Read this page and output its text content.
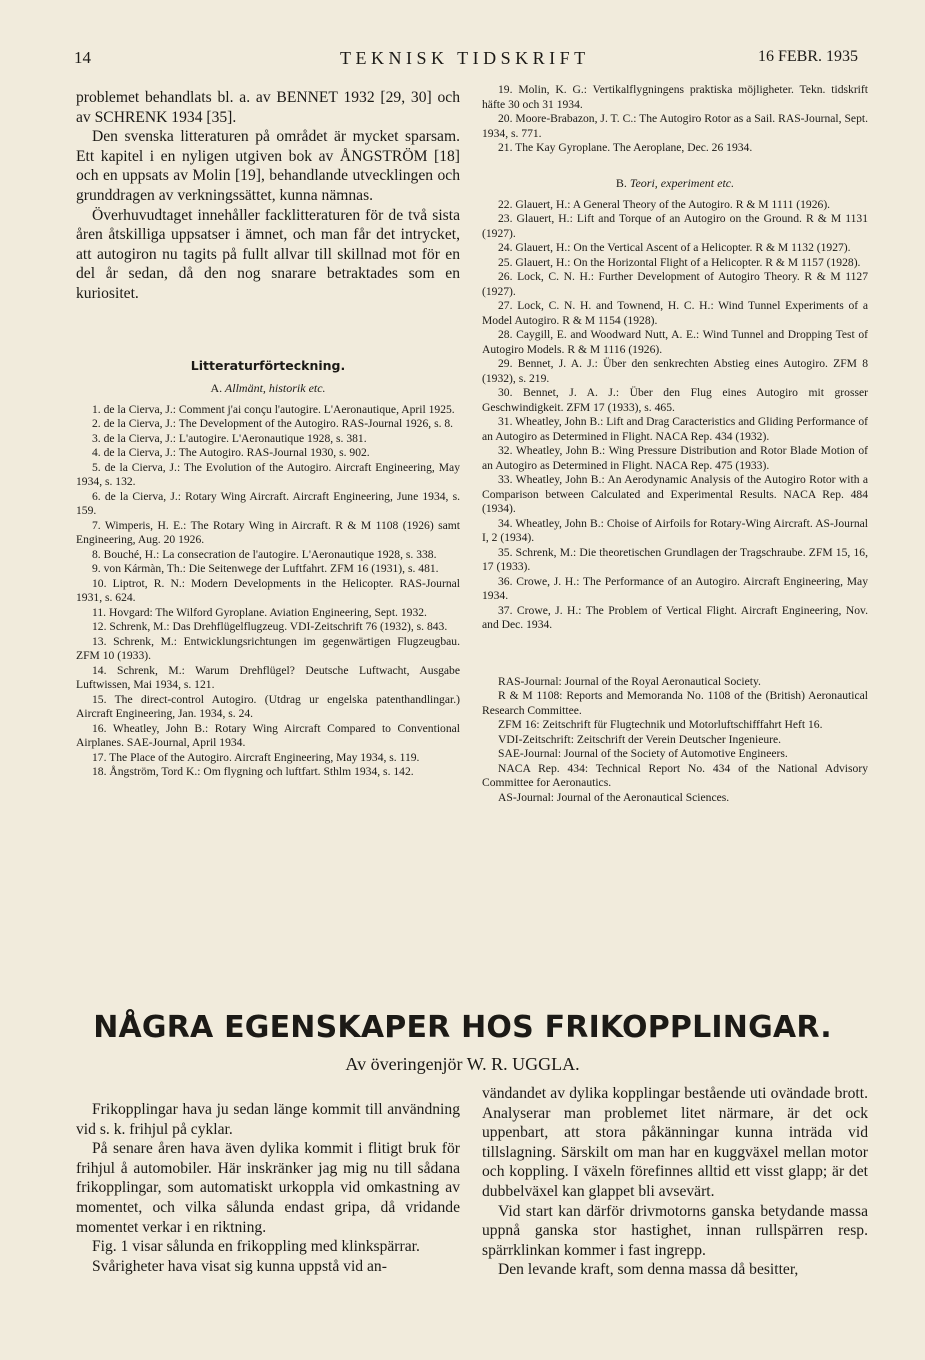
14	TEKNISK TIDSKRIFT	16 FEBR. 1935

problemet behandlats bl. a. av BENNET 1932 [29, 30] och av SCHRENK 1934 [35].

Den svenska litteraturen på området är mycket sparsam. Ett kapitel i en nyligen utgiven bok av ÅNGSTRÖM [18] och en uppsats av Molin [19], behandlande utvecklingen och grunddragen av verkningssättet, kunna nämnas.

Överhuvudtaget innehåller facklitteraturen för de två sista åren åtskilliga uppsatser i ämnet, och man får det intrycket, att autogiron nu tagits på fullt allvar till skillnad mot för en del år sedan, då den nog snarare betraktades som en kuriositet.

Litteraturförteckning.
A. Allmänt, historik etc.

1. de la Cierva, J.: Comment j'ai conçu l'autogire. L'Aeronautique, April 1925.

2. de la Cierva, J.: The Development of the Autogiro. RAS-Journal 1926, s. 8.

3. de la Cierva, J.: L'autogire. L'Aeronautique 1928, s. 381.

4. de la Cierva, J.: The Autogiro. RAS-Journal 1930, s. 902.

5. de la Cierva, J.: The Evolution of the Autogiro. Aircraft Engineering, May 1934, s. 132.

6. de la Cierva, J.: Rotary Wing Aircraft. Aircraft Engineering, June 1934, s. 159.

7. Wimperis, H. E.: The Rotary Wing in Aircraft. R & M 1108 (1926) samt Engineering, Aug. 20 1926.

8. Bouché, H.: La consecration de l'autogire. L'Aeronautique 1928, s. 338.

9. von Kármàn, Th.: Die Seitenwege der Luftfahrt. ZFM 16 (1931), s. 481.

10. Liptrot, R. N.: Modern Developments in the Helicopter. RAS-Journal 1931, s. 624.

11. Hovgard: The Wilford Gyroplane. Aviation Engineering, Sept. 1932.

12. Schrenk, M.: Das Drehflügelflugzeug. VDI-Zeitschrift 76 (1932), s. 843.

13. Schrenk, M.: Entwicklungsrichtungen im gegenwärtigen Flugzeugbau. ZFM 10 (1933).

14. Schrenk, M.: Warum Drehflügel? Deutsche Luftwacht, Ausgabe Luftwissen, Mai 1934, s. 121.

15. The direct-control Autogiro. (Utdrag ur engelska patenthandlingar.) Aircraft Engineering, Jan. 1934, s. 24.

16. Wheatley, John B.: Rotary Wing Aircraft Compared to Conventional Airplanes. SAE-Journal, April 1934.

17. The Place of the Autogiro. Aircraft Engineering, May 1934, s. 119.

18. Ångström, Tord K.: Om flygning och luftfart. Sthlm 1934, s. 142.

19. Molin, K. G.: Vertikalflygningens praktiska möjligheter. Tekn. tidskrift häfte 30 och 31 1934.

20. Moore-Brabazon, J. T. C.: The Autogiro Rotor as a Sail. RAS-Journal, Sept. 1934, s. 771.

21. The Kay Gyroplane. The Aeroplane, Dec. 26 1934.

B. Teori, experiment etc.

22. Glauert, H.: A General Theory of the Autogiro. R & M 1111 (1926).

23. Glauert, H.: Lift and Torque of an Autogiro on the Ground. R & M 1131 (1927).

24. Glauert, H.: On the Vertical Ascent of a Helicopter. R & M 1132 (1927).

25. Glauert, H.: On the Horizontal Flight of a Helicopter. R & M 1157 (1928).

26. Lock, C. N. H.: Further Development of Autogiro Theory. R & M 1127 (1927).

27. Lock, C. N. H. and Townend, H. C. H.: Wind Tunnel Experiments of a Model Autogiro. R & M 1154 (1928).

28. Caygill, E. and Woodward Nutt, A. E.: Wind Tunnel and Dropping Test of Autogiro Models. R & M 1116 (1926).

29. Bennet, J. A. J.: Über den senkrechten Abstieg eines Autogiro. ZFM 8 (1932), s. 219.

30. Bennet, J. A. J.: Über den Flug eines Autogiro mit grosser Geschwindigkeit. ZFM 17 (1933), s. 465.

31. Wheatley, John B.: Lift and Drag Caracteristics and Gliding Performance of an Autogiro as Determined in Flight. NACA Rep. 434 (1932).

32. Wheatley, John B.: Wing Pressure Distribution and Rotor Blade Motion of an Autogiro as Determined in Flight. NACA Rep. 475 (1933).

33. Wheatley, John B.: An Aerodynamic Analysis of the Autogiro Rotor with a Comparison between Calculated and Experimental Results. NACA Rep. 484 (1934).

34. Wheatley, John B.: Choise of Airfoils for Rotary-Wing Aircraft. AS-Journal I, 2 (1934).

35. Schrenk, M.: Die theoretischen Grundlagen der Tragschraube. ZFM 15, 16, 17 (1933).

36. Crowe, J. H.: The Performance of an Autogiro. Aircraft Engineering, May 1934.

37. Crowe, J. H.: The Problem of Vertical Flight. Aircraft Engineering, Nov. and Dec. 1934.

RAS-Journal: Journal of the Royal Aeronautical Society.

R & M 1108: Reports and Memoranda No. 1108 of the (British) Aeronautical Research Committee.

ZFM 16: Zeitschrift für Flugtechnik und Motorluftschifffahrt Heft 16.

VDI-Zeitschrift: Zeitschrift der Verein Deutscher Ingenieure.

SAE-Journal: Journal of the Society of Automotive Engineers.

NACA Rep. 434: Technical Report No. 434 of the National Advisory Committee for Aeronautics.

AS-Journal: Journal of the Aeronautical Sciences.

NÅGRA EGENSKAPER HOS FRIKOPPLINGAR.
Av överingenjör W. R. UGGLA.

Frikopplingar hava ju sedan länge kommit till användning vid s. k. frihjul på cyklar.

På senare åren hava även dylika kommit i flitigt bruk för frihjul å automobiler. Här inskränker jag mig nu till sådana frikopplingar, som automatiskt urkoppla vid omkastning av momentet, och vilka sålunda endast gripa, då vridande momentet verkar i en riktning.

Fig. 1 visar sålunda en frikoppling med klinkspärrar.

Svårigheter hava visat sig kunna uppstå vid an-

vändandet av dylika kopplingar bestående uti ovändade brott. Analyserar man problemet litet närmare, är det ock uppenbart, att stora påkänningar kunna inträda vid tillslagning. Särskilt om man har en kuggväxel mellan motor och koppling. I växeln förefinnes alltid ett visst glapp; är det dubbelväxel kan glappet bli avsevärt.

Vid start kan därför drivmotorns ganska betydande massa uppnå ganska stor hastighet, innan rullspärren resp. spärrklinkan kommer i fast ingrepp.

Den levande kraft, som denna massa då besitter,
